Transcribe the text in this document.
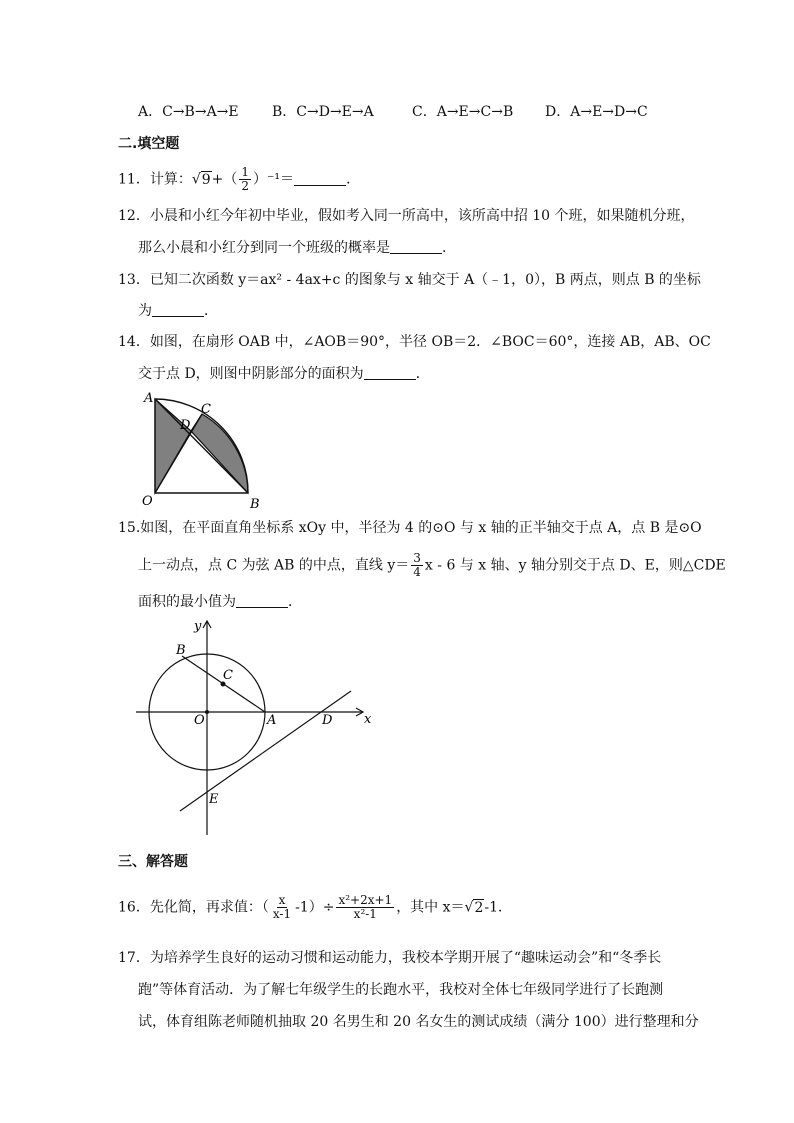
A．C→B→A→E B．C→D→E→A	C．A→E→C→B D．A→E→D→C
二.填空题
11．计算：$√9+( \frac{1}{2} )^{-1}=$	．
12．小晨和小红今年初中毕业，假如考入同一所高中，该所高中招 10 个班，如果随机分班，
那么小晨和小红分到同一个班级的概率是	．
13．已知二次函数 y＝ax² - 4ax+c 的图象与 x 轴交于 A（﹣1，0），B 两点，则点 B 的坐标
为	．
14．如图，在扇形 OAB 中，∠AOB＝90°，半径 OB＝2．∠BOC＝60°，连接 AB，AB、OC
交于点 D，则图中阴影部分的面积为	．
A
C
D
O	B
15.如图，在平面直角坐标系 xOy 中，半径为 4 的⊙O 与 x 轴的正半轴交于点 A，点 B 是⊙O
上一动点，点 C 为弦 AB 的中点，直线 $y= \frac{3}{4}$ x - 6 与 x 轴、y 轴分别交于点 D、E，则△CDE
面积的最小值为	．
y
x
B
C
O	A	D
E
三、解答题
16．先化简，再求值：（ $\frac{x}{x-1} -1)\div \frac{\text{x²+2x+1}}{\text{x²-1}}$ ，其中 x＝√2-1．
17．为培养学生良好的运动习惯和运动能力，我校本学期开展了“趣味运动会”和“冬季长
跑”等体育活动．为了解七年级学生的长跑水平，我校对全体七年级同学进行了长跑测
试，体育组陈老师随机抽取 20 名男生和 20 名女生的测试成绩（满分 100）进行整理和分
